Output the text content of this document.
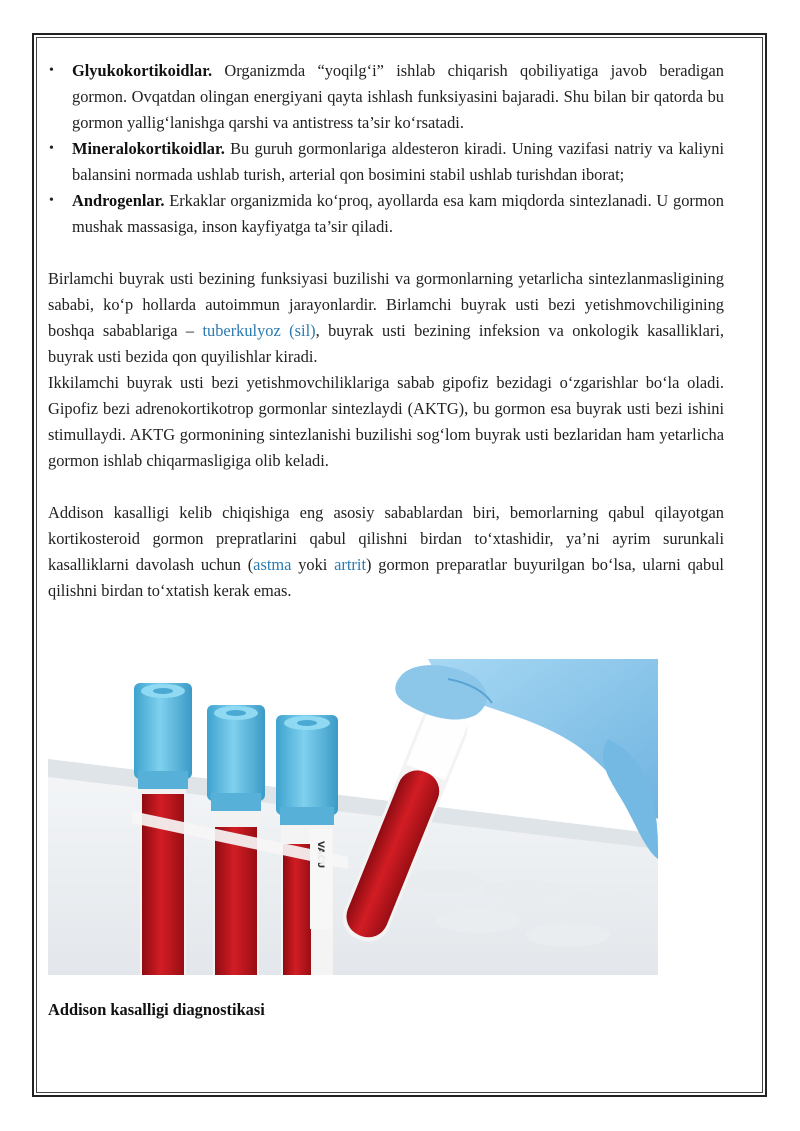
• Glyukokortikoidlar. Organizmda “yoqilg‘i” ishlab chiqarish qobiliyatiga javob beradigan gormon. Ovqatdan olingan energiyani qayta ishlash funksiyasini bajaradi. Shu bilan bir qatorda bu gormon yallig‘lanishga qarshi va antistress ta’sir ko‘rsatadi.
• Mineralokortikoidlar. Bu guruh gormonlariga aldesteron kiradi. Uning vazifasi natriy va kaliyni balansini normada ushlab turish, arterial qon bosimini stabil ushlab turishdan iborat;
• Androgenlar. Erkaklar organizmida ko‘proq, ayollarda esa kam miqdorda sintezlanadi. U gormon mushak massasiga, inson kayfiyatga ta’sir qiladi.

Birlamchi buyrak usti bezining funksiyasi buzilishi va gormonlarning yetarlicha sintezlanmasligining sababi, ko‘p hollarda autoimmun jarayonlardir. Birlamchi buyrak usti bezi yetishmovchiligining boshqa sabablariga – tuberkulyoz (sil), buyrak usti bezining infeksion va onkologik kasalliklari, buyrak usti bezida qon quyilishlar kiradi.

Ikkilamchi buyrak usti bezi yetishmovchiliklariga sabab gipofiz bezidagi o‘zgarishlar bo‘la oladi. Gipofiz bezi adrenokortikotrop gormonlar sintezlaydi (AKTG), bu gormon esa buyrak usti bezi ishini stimullaydi. AKTG gormonining sintezlanishi buzilishi sog‘lom buyrak usti bezlaridan ham yetarlicha gormon ishlab chiqarmasligiga olib keladi.

Addison kasalligi kelib chiqishiga eng asosiy sabablardan biri, bemorlarning qabul qilayotgan kortikosteroid gormon prepratlarini qabul qilishni birdan to‘xtashidir, ya’ni ayrim surunkali kasalliklarni davolash uchun (astma yoki artrit) gormon preparatlar buyurilgan bo‘lsa, ularni qabul qilishni birdan to‘xtatish kerak emas.

Addison kasalligi diagnostikasi
